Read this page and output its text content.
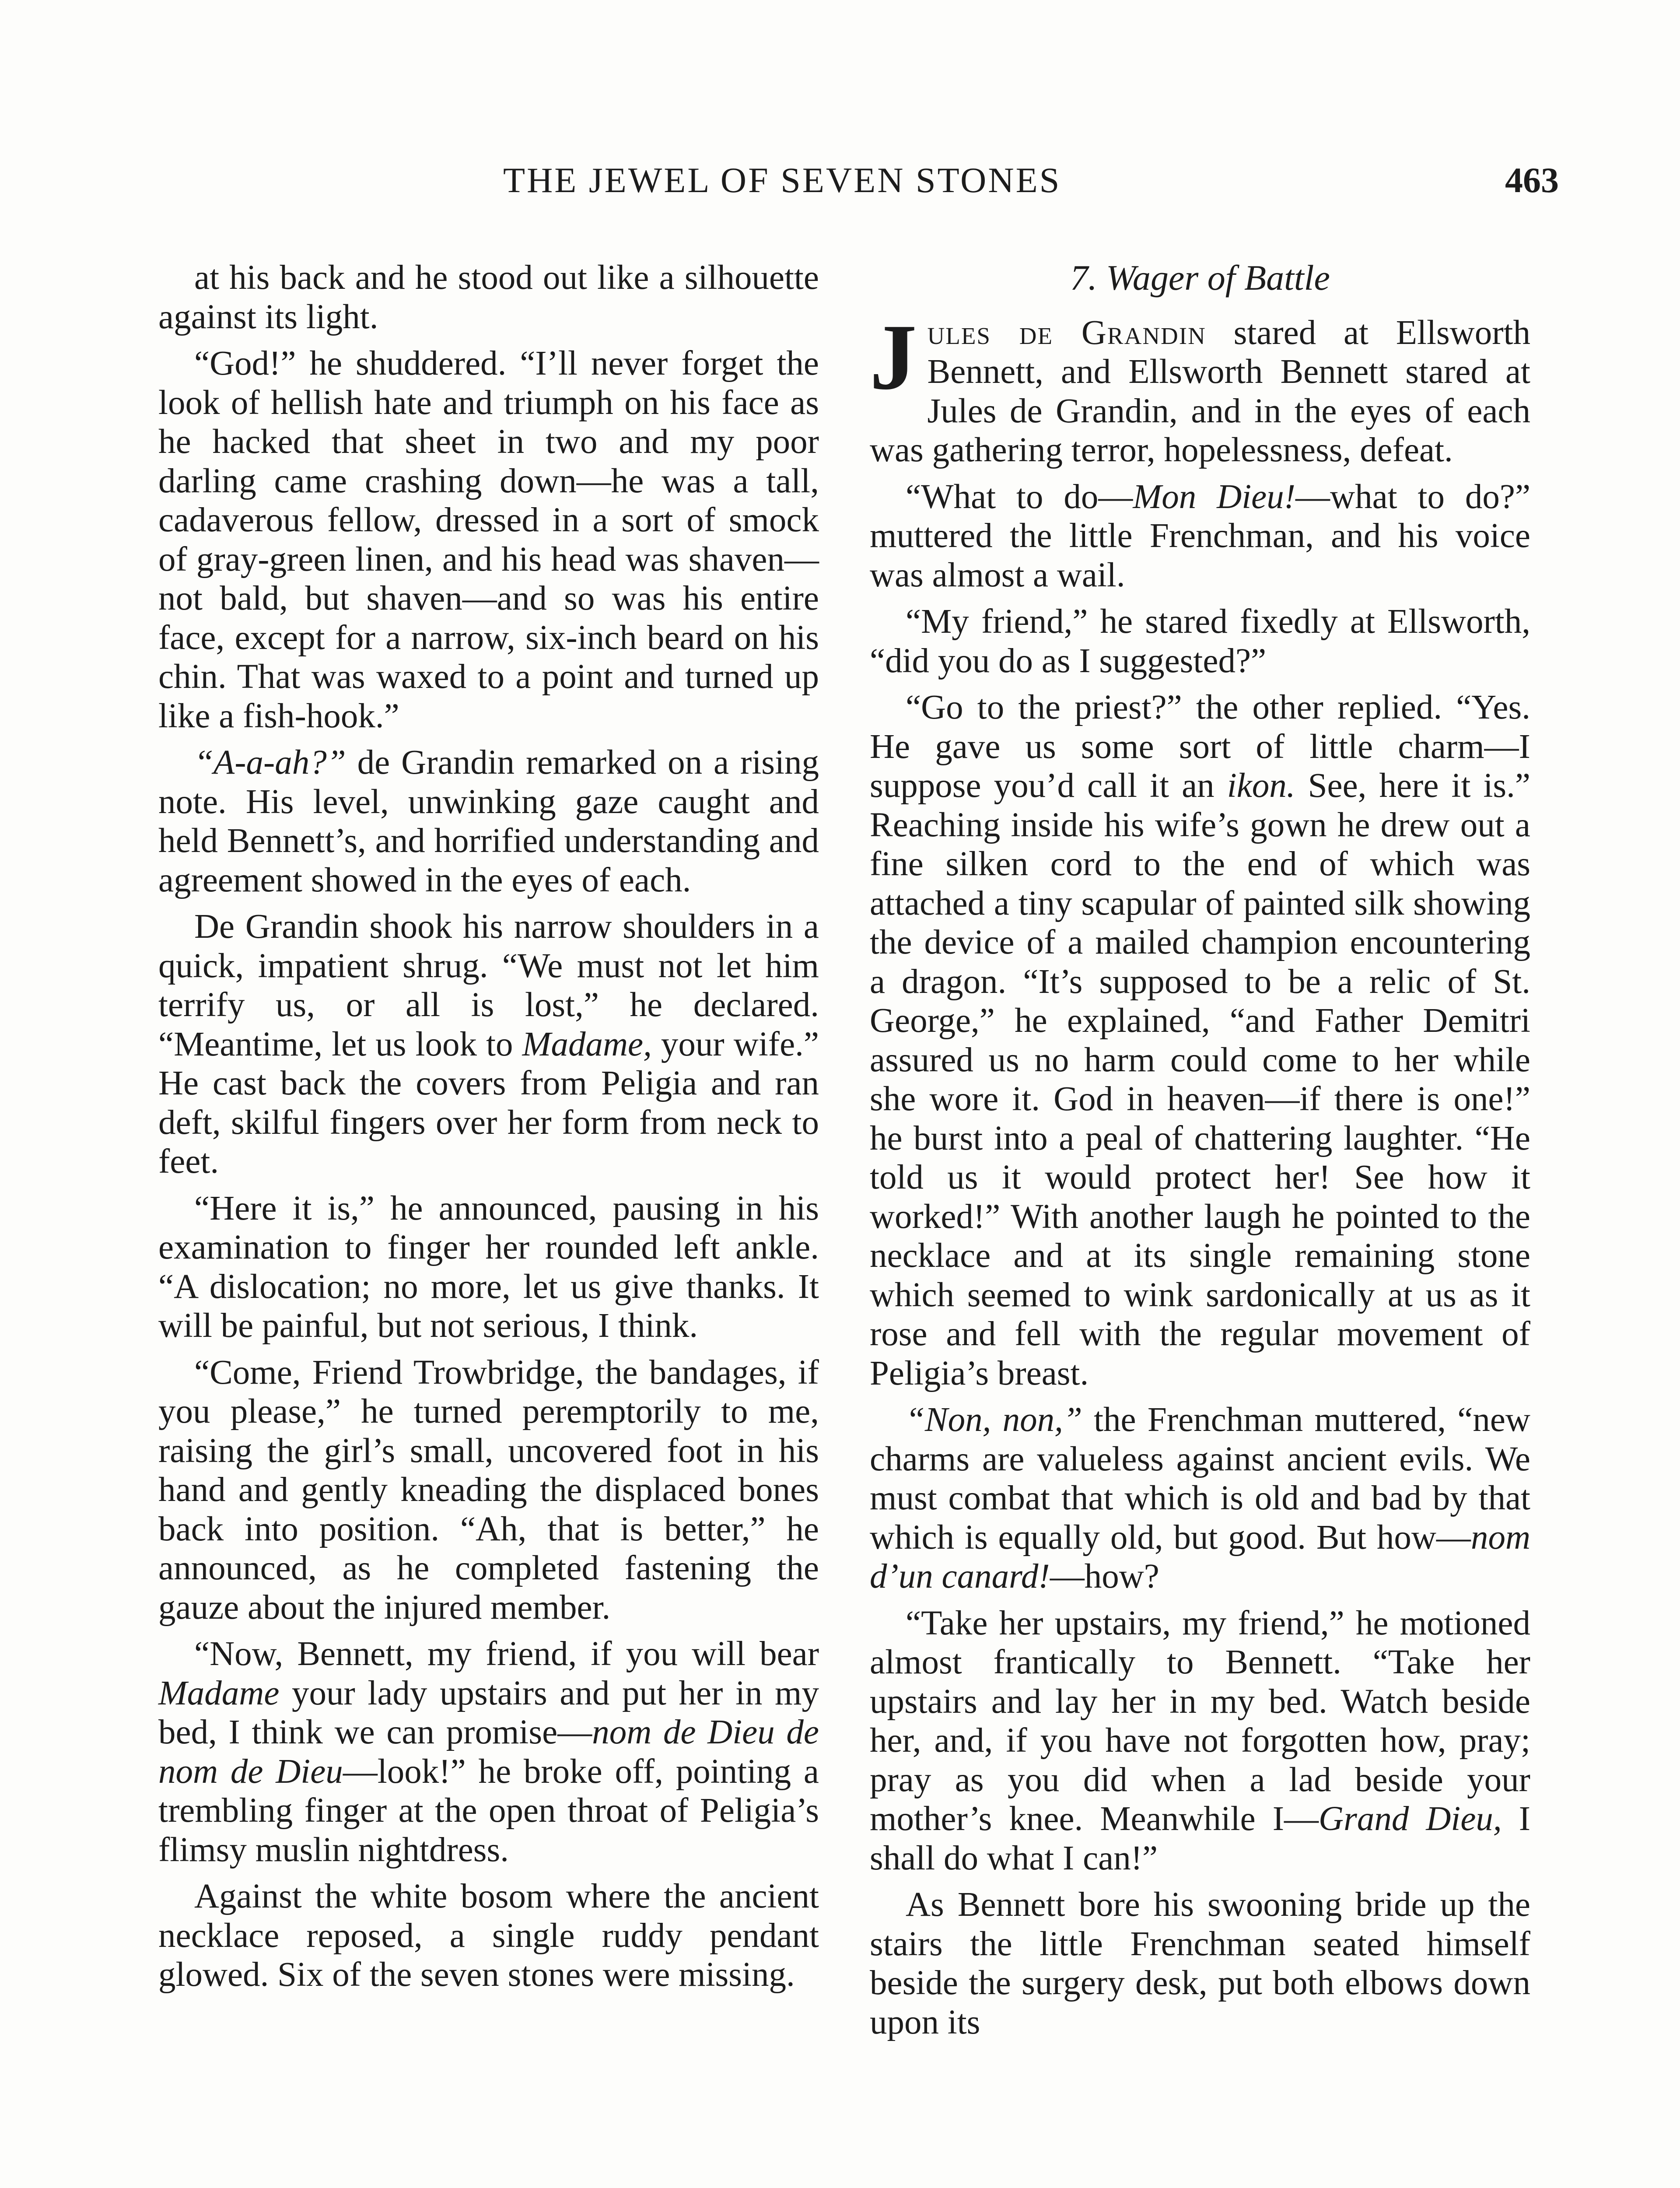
THE JEWEL OF SEVEN STONES	463

at his back and he stood out like a silhouette against its light.

“God!” he shuddered. “I’ll never forget the look of hellish hate and triumph on his face as he hacked that sheet in two and my poor darling came crashing down—he was a tall, cadaverous fellow, dressed in a sort of smock of gray-green linen, and his head was shaven—not bald, but shaven—and so was his entire face, except for a narrow, six-inch beard on his chin. That was waxed to a point and turned up like a fish-hook.”

“A-a-ah?” de Grandin remarked on a rising note. His level, unwinking gaze caught and held Bennett’s, and horrified understanding and agreement showed in the eyes of each.

De Grandin shook his narrow shoulders in a quick, impatient shrug. “We must not let him terrify us, or all is lost,” he declared. “Meantime, let us look to Madame, your wife.” He cast back the covers from Peligia and ran deft, skilful fingers over her form from neck to feet.

“Here it is,” he announced, pausing in his examination to finger her rounded left ankle. “A dislocation; no more, let us give thanks. It will be painful, but not serious, I think.

“Come, Friend Trowbridge, the bandages, if you please,” he turned peremptorily to me, raising the girl’s small, uncovered foot in his hand and gently kneading the displaced bones back into position. “Ah, that is better,” he announced, as he completed fastening the gauze about the injured member.

“Now, Bennett, my friend, if you will bear Madame your lady upstairs and put her in my bed, I think we can promise—nom de Dieu de nom de Dieu—look!” he broke off, pointing a trembling finger at the open throat of Peligia’s flimsy muslin nightdress.

Against the white bosom where the ancient necklace reposed, a single ruddy pendant glowed. Six of the seven stones were missing.

7. Wager of Battle

Jules de Grandin stared at Ellsworth Bennett, and Ellsworth Bennett stared at Jules de Grandin, and in the eyes of each was gathering terror, hopelessness, defeat.

“What to do—Mon Dieu!—what to do?” muttered the little Frenchman, and his voice was almost a wail.

“My friend,” he stared fixedly at Ellsworth, “did you do as I suggested?”

“Go to the priest?” the other replied. “Yes. He gave us some sort of little charm—I suppose you’d call it an ikon. See, here it is.” Reaching inside his wife’s gown he drew out a fine silken cord to the end of which was attached a tiny scapular of painted silk showing the device of a mailed champion encountering a dragon. “It’s supposed to be a relic of St. George,” he explained, “and Father Demitri assured us no harm could come to her while she wore it. God in heaven—if there is one!” he burst into a peal of chattering laughter. “He told us it would protect her! See how it worked!” With another laugh he pointed to the necklace and at its single remaining stone which seemed to wink sardonically at us as it rose and fell with the regular movement of Peligia’s breast.

“Non, non,” the Frenchman muttered, “new charms are valueless against ancient evils. We must combat that which is old and bad by that which is equally old, but good. But how—nom d’un canard!—how?

“Take her upstairs, my friend,” he motioned almost frantically to Bennett. “Take her upstairs and lay her in my bed. Watch beside her, and, if you have not forgotten how, pray; pray as you did when a lad beside your mother’s knee. Meanwhile I—Grand Dieu, I shall do what I can!”

As Bennett bore his swooning bride up the stairs the little Frenchman seated himself beside the surgery desk, put both elbows down upon its
